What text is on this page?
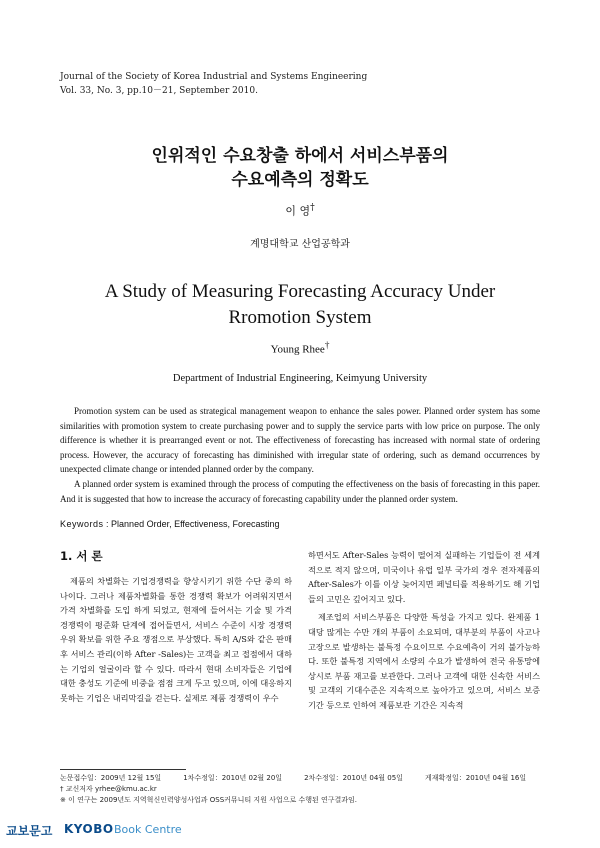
Journal of the Society of Korea Industrial and Systems Engineering
Vol. 33, No. 3, pp.10－21, September 2010.
인위적인 수요창출 하에서 서비스부품의
수요예측의 정확도
이 영†
계명대학교 산업공학과
A Study of Measuring Forecasting Accuracy Under
Rromotion System
Young Rhee†
Department of Industrial Engineering, Keimyung University

Promotion system can be used as strategical management weapon to enhance the sales power. Planned order system has some similarities with promotion system to create purchasing power and to supply the service parts with low price on purpose. The only difference is whether it is prearranged event or not. The effectiveness of forecasting has increased with normal state of ordering process. However, the accuracy of forecasting has diminished with irregular state of ordering, such as demand occurrences by unexpected climate change or intended planned order by the company.

A planned order system is examined through the process of computing the effectiveness on the basis of forecasting in this paper. And it is suggested that how to increase the accuracy of forecasting capability under the planned order system.

Keywords : Planned Order, Effectiveness, Forecasting
1. 서 론

제품의 차별화는 기업경쟁력을 향상시키기 위한 수단 중의 하나이다. 그러나 제품차별화를 통한 경쟁력 확보가 어려워지면서 가격 차별화를 도입 하게 되었고, 현재에 들어서는 기술 및 가격 경쟁력이 평준화 단계에 접어들면서, 서비스 수준이 시장 경쟁력 우위 확보를 위한 주요 쟁점으로 부상했다. 특히 A/S와 같은 판매 후 서비스 관리(이하 After -Sales)는 고객을 최고 접점에서 대하는 기업의 얼굴이라 할 수 있다. 따라서 현대 소비자들은 기업에 대한 충성도 기준에 비중을 점점 크게 두고 있으며, 이에 대응하지 못하는 기업은 내리막길을 걷는다. 실제로 제품 경쟁력이 우수

하면서도 After-Sales 능력이 떨어져 실패하는 기업들이 전 세계적으로 적지 않으며, 미국이나 유럽 일부 국가의 경우 전자제품의 After-Sales가 이틀 이상 늦어지면 페널티를 적용하기도 해 기업들의 고민은 깊어지고 있다.

제조업의 서비스부품은 다양한 특성을 가지고 있다. 완제품 1대당 많게는 수만 개의 부품이 소요되며, 대부분의 부품이 사고나 고장으로 발생하는 불특정 수요이므로 수요예측이 거의 불가능하다. 또한 불특정 지역에서 소량의 수요가 발생하여 전국 유통망에 상시로 부품 재고를 보관한다. 그러나 고객에 대한 신속한 서비스 및 고객의 기대수준은 지속적으로 높아가고 있으며, 서비스 보증기간 등으로 인하여 제품보관 기간은 지속적

논문접수일：2009년 12월 15일	1차수정일：2010년 02월 20일	2차수정일：2010년 04월 05일	게재확정일：2010년 04월 16일
† 교신저자 yrhee@kmu.ac.kr
※ 이 연구는 2009년도 지역혁신인력양성사업과 OSS커뮤니티 지원 사업으로 수행된 연구결과임.
교보문고 KYOBO Book Centre
